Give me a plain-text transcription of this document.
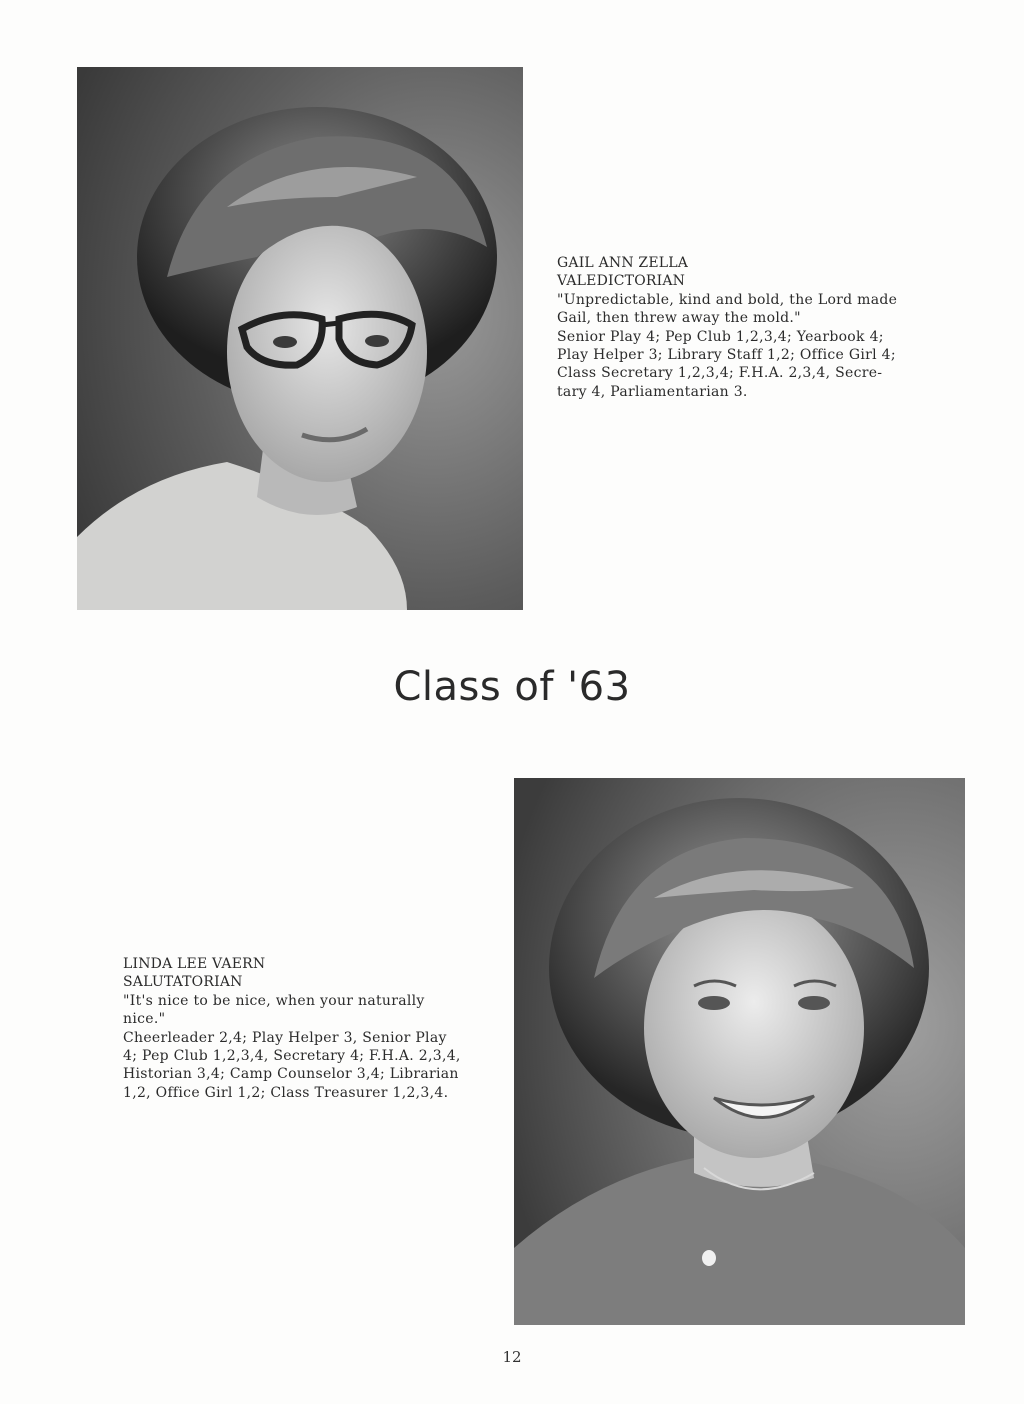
GAIL ANN ZELLA
VALEDICTORIAN
"Unpredictable, kind and bold, the Lord made
Gail, then threw away the mold."
Senior Play 4; Pep Club 1,2,3,4; Yearbook 4;
Play Helper 3; Library Staff 1,2; Office Girl 4;
Class Secretary 1,2,3,4; F.H.A. 2,3,4, Secre-
tary 4, Parliamentarian 3.
Class of '63
LINDA LEE VAERN
SALUTATORIAN
"It's nice to be nice, when your naturally
nice."
Cheerleader 2,4; Play Helper 3, Senior Play
4; Pep Club 1,2,3,4, Secretary 4; F.H.A. 2,3,4,
Historian 3,4; Camp Counselor 3,4; Librarian
1,2, Office Girl 1,2; Class Treasurer 1,2,3,4.
12
